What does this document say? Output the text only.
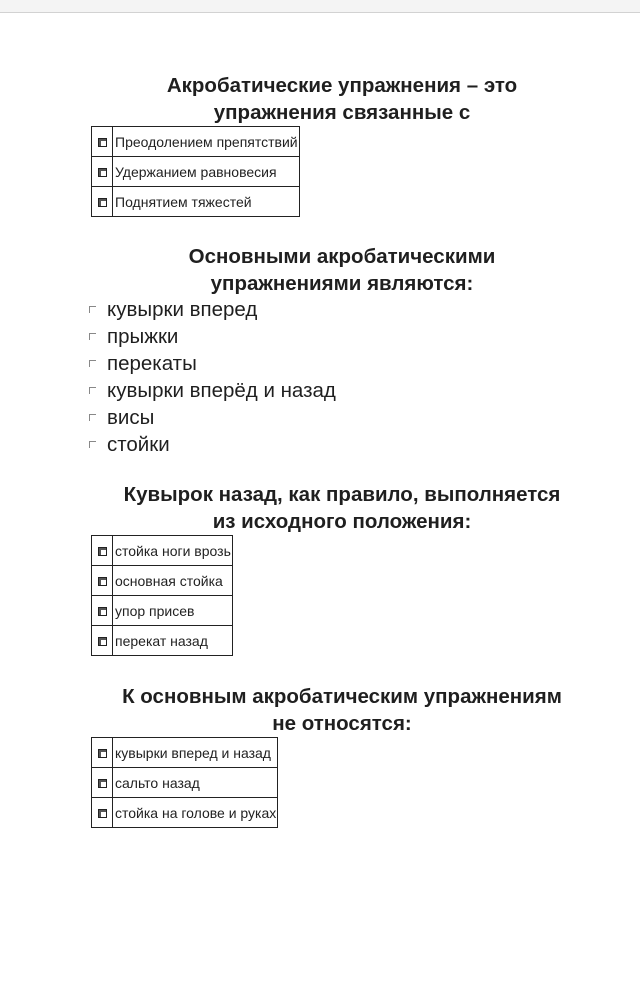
Акробатические упражнения – это
упражнения связанные с
	Преодолением препятствий
	Удержанием равновесия
	Поднятием тяжестей
Основными акробатическими
упражнениями являются:
кувырки вперед
прыжки
перекаты
кувырки вперёд и назад
висы
стойки
Кувырок назад, как правило, выполняется
из исходного положения:
	стойка ноги врозь
	основная стойка
	упор присев
	перекат назад
К основным акробатическим упражнениям
не относятся:
	кувырки вперед и назад
	сальто назад
	стойка на голове и руках
